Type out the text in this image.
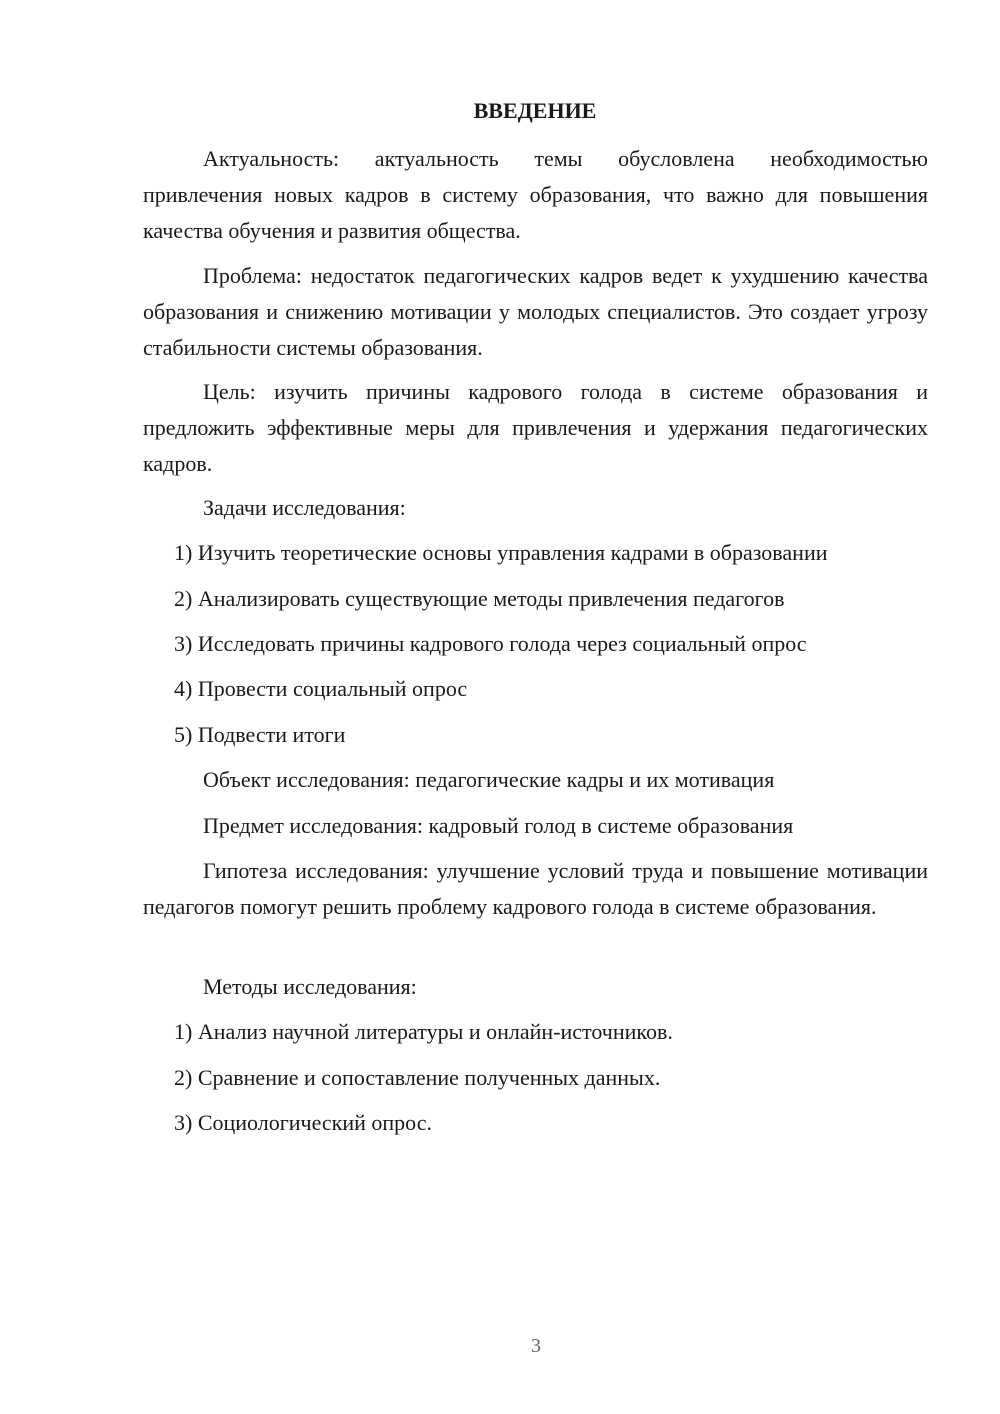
ВВЕДЕНИЕ

Актуальность: актуальность темы обусловлена необходимостью привлечения новых кадров в систему образования, что важно для повышения качества обучения и развития общества.

Проблема: недостаток педагогических кадров ведет к ухудшению качества образования и снижению мотивации у молодых специалистов. Это создает угрозу стабильности системы образования.

Цель: изучить причины кадрового голода в системе образования и предложить эффективные меры для привлечения и удержания педагогических кадров.

Задачи исследования:

1) Изучить теоретические основы управления кадрами в образовании

2) Анализировать существующие методы привлечения педагогов

3) Исследовать причины кадрового голода через социальный опрос

4) Провести социальный опрос

5) Подвести итоги

Объект исследования: педагогические кадры и их мотивация

Предмет исследования: кадровый голод в системе образования

Гипотеза исследования: улучшение условий труда и повышение мотивации педагогов помогут решить проблему кадрового голода в системе образования.

Методы исследования:

1) Анализ научной литературы и онлайн-источников.

2) Сравнение и сопоставление полученных данных.

3) Социологический опрос.

3
